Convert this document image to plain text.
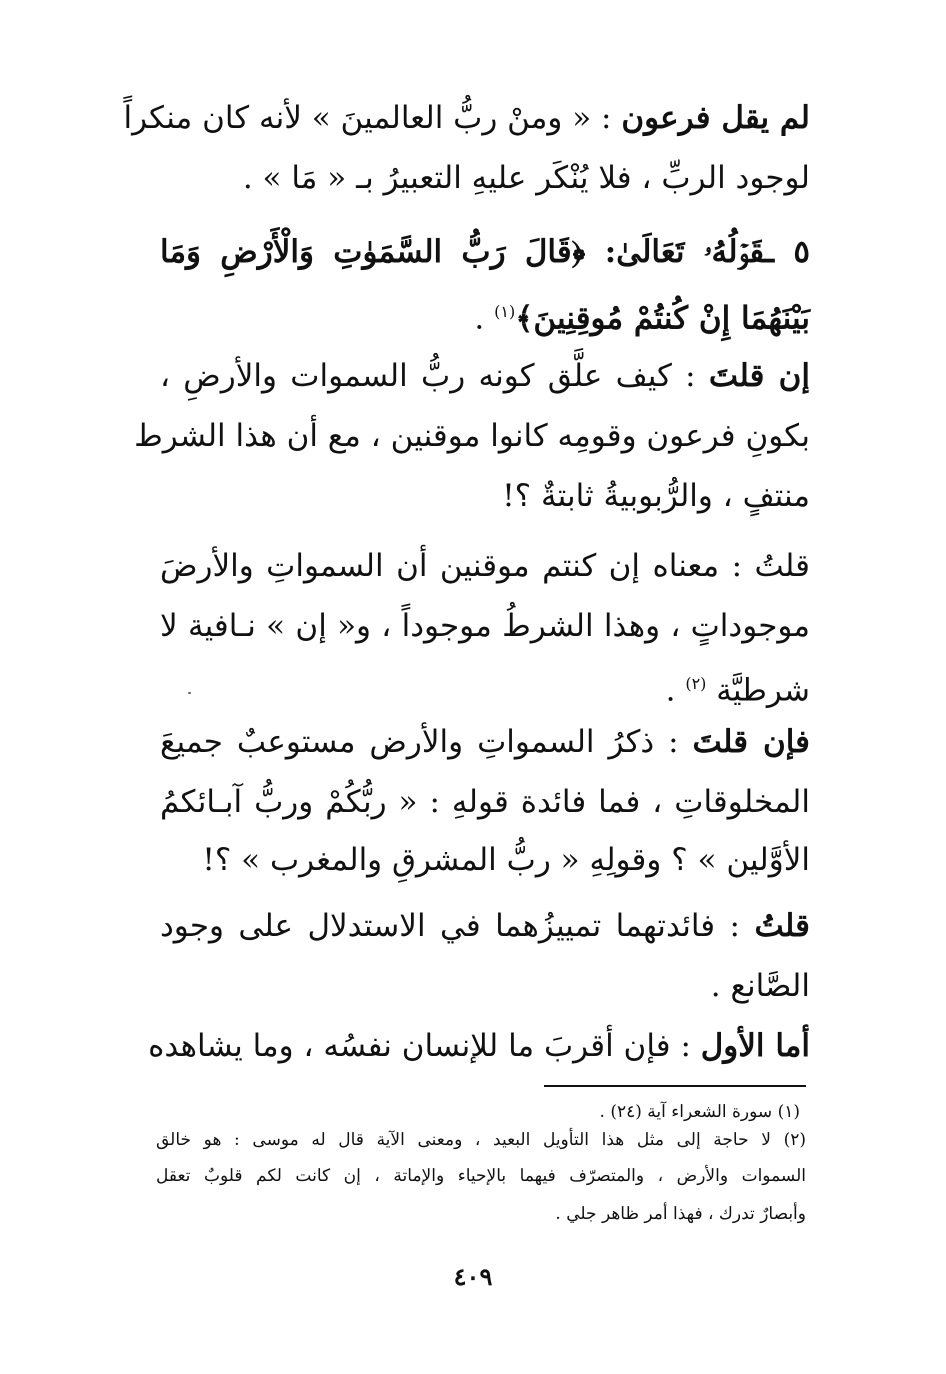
لم يقل فرعون : « ومنْ ربُّ العالمينَ » لأنه كان منكراً
لوجود الربِّ ، فلا يُنْكَر عليهِ التعبيرُ بـ « مَا » .
٥ ـقَوۡلُهُۥ تَعَالَىٰ: ﴿قَالَ رَبُّ السَّمَوٰتِ وَالْأَرْضِ وَمَا
بَيْنَهُمَا إِنْ كُنتُمْ مُوقِنِينَ﴾$^{(١)}$ .
إن قلتَ : كيف علَّق كونه ربُّ السموات والأرضِ ،
بكونِ فرعون وقومِه كانوا موقنين ، مع أن هذا الشرط
منتفٍ ، والرُّبوبيةُ ثابتةٌ ؟!
قلتُ : معناه إن كنتم موقنين أن السمواتِ والأرضَ
موجوداتٍ ، وهذا الشرطُ موجوداً ، و« إن » نـافية لا
شرطيَّة $^{(٢)}$ .
فإن قلتَ : ذكرُ السمواتِ والأرض مستوعبٌ جميعَ
المخلوقاتِ ، فما فائدة قولهِ : « ربُّكُمْ وربُّ آبـائكمُ
الأوَّلين » ؟ وقولِهِ « ربُّ المشرقِ والمغرب » ؟!
قلتُ : فائدتهما تمييزُهما في الاستدلال على وجود
الصَّانع .
أما الأول : فإن أقربَ ما للإنسان نفسُه ، وما يشاهده
(١) سورة الشعراء آية (٢٤) .
(٢) لا حاجة إلى مثل هذا التأويل البعيد ، ومعنى الآية قال له موسى : هو خالق
السموات والأرض ، والمتصرّف فيهما بالإحياء والإماتة ، إن كانت لكم قلوبٌ تعقل
وأبصارٌ تدرك ، فهذا أمر ظاهر جلي .
٤٠٩
